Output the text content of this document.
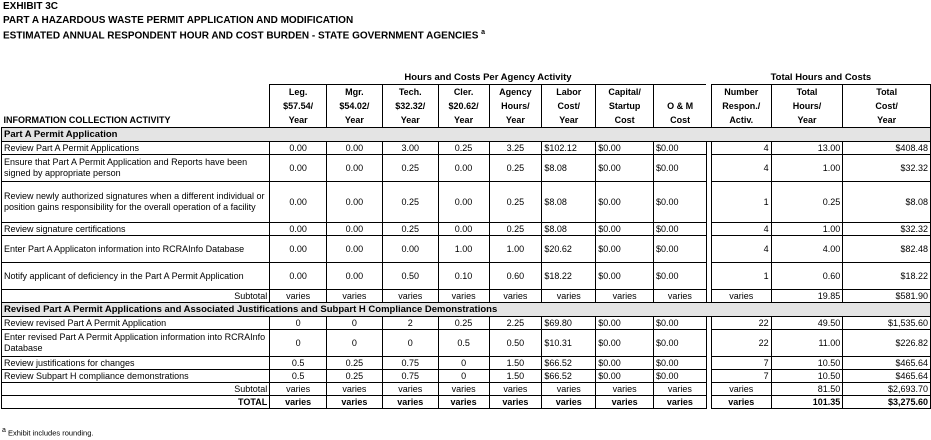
EXHIBIT 3C
PART A HAZARDOUS WASTE PERMIT APPLICATION AND MODIFICATION
ESTIMATED ANNUAL RESPONDENT HOUR AND COST BURDEN - STATE GOVERNMENT AGENCIES $^a$
	Hours and Costs Per Agency Activity									Total Hours and Costs		
INFORMATION COLLECTION ACTIVITY	Leg.
$57.54/
Year	Mgr.
$54.02/
Year	Tech.
$32.32/
Year	Cler.
$20.62/
Year	Agency
Hours/
Year	Labor
Cost/
Year	Capital/
Startup
Cost	O & M
Cost		Number
Respon./
Activ.	Total
Hours/
Year	Total
Cost/
Year
Part A Permit Application												
Review Part A Permit Applications	0.00	0.00	3.00	0.25	3.25	$102.12	$0.00	$0.00		4	13.00	$408.48
Ensure that Part A Permit Application and Reports have been signed by appropriate person	0.00	0.00	0.25	0.00	0.25	$8.08	$0.00	$0.00		4	1.00	$32.32
Review newly authorized signatures when a different individual or position gains responsibility for the overall operation of a facility	0.00	0.00	0.25	0.00	0.25	$8.08	$0.00	$0.00		1	0.25	$8.08
Review signature certifications	0.00	0.00	0.25	0.00	0.25	$8.08	$0.00	$0.00		4	1.00	$32.32
Enter Part A Applicaton information into RCRAInfo Database	0.00	0.00	0.00	1.00	1.00	$20.62	$0.00	$0.00		4	4.00	$82.48
Notify applicant of deficiency in the Part A Permit Application	0.00	0.00	0.50	0.10	0.60	$18.22	$0.00	$0.00		1	0.60	$18.22
Subtotal	varies	varies	varies	varies	varies	varies	varies	varies		varies	19.85	$581.90
Revised Part A Permit Applications and Associated Justifications and Subpart H Compliance Demonstrations												
Review revised Part A Permit Application	0	0	2	0.25	2.25	$69.80	$0.00	$0.00		22	49.50	$1,535.60
Enter revised Part A Permit Application information into RCRAInfo Database	0	0	0	0.5	0.50	$10.31	$0.00	$0.00		22	11.00	$226.82
Review justifications for changes	0.5	0.25	0.75	0	1.50	$66.52	$0.00	$0.00		7	10.50	$465.64
Review Subpart H compliance demonstrations	0.5	0.25	0.75	0	1.50	$66.52	$0.00	$0.00		7	10.50	$465.64
Subtotal	varies	varies	varies	varies	varies	varies	varies	varies		varies	81.50	$2,693.70
TOTAL	varies	varies	varies	varies	varies	varies	varies	varies		varies	101.35	$3,275.60
$^a$ Exhibit includes rounding.
